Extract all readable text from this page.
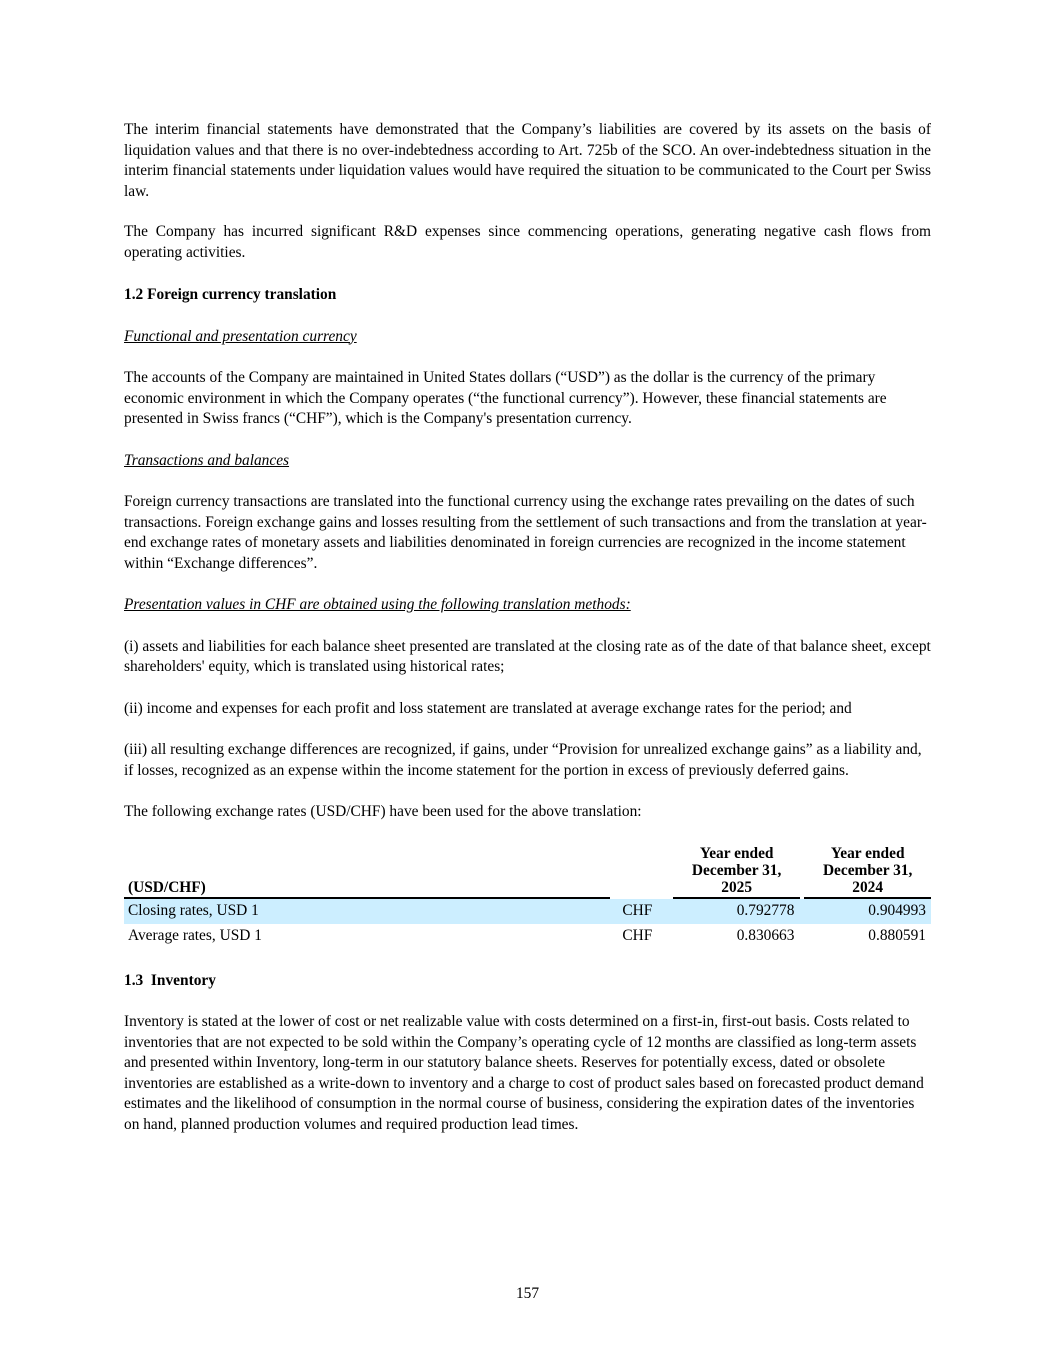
The interim financial statements have demonstrated that the Company’s liabilities are covered by its assets on the basis of liquidation values and that there is no over-indebtedness according to Art. 725b of the SCO. An over-indebtedness situation in the interim financial statements under liquidation values would have required the situation to be communicated to the Court per Swiss law.

The Company has incurred significant R&D expenses since commencing operations, generating negative cash flows from operating activities.

1.2 Foreign currency translation

Functional and presentation currency

The accounts of the Company are maintained in United States dollars (“USD”) as the dollar is the currency of the primary economic environment in which the Company operates (“the functional currency”). However, these financial statements are presented in Swiss francs (“CHF”), which is the Company's presentation currency.

Transactions and balances

Foreign currency transactions are translated into the functional currency using the exchange rates prevailing on the dates of such transactions. Foreign exchange gains and losses resulting from the settlement of such transactions and from the translation at year-end exchange rates of monetary assets and liabilities denominated in foreign currencies are recognized in the income statement within “Exchange differences”.

Presentation values in CHF are obtained using the following translation methods:

(i) assets and liabilities for each balance sheet presented are translated at the closing rate as of the date of that balance sheet, except shareholders' equity, which is translated using historical rates;

(ii) income and expenses for each profit and loss statement are translated at average exchange rates for the period; and

(iii) all resulting exchange differences are recognized, if gains, under “Provision for unrealized exchange gains” as a liability and, if losses, recognized as an expense within the income statement for the portion in excess of previously deferred gains.

The following exchange rates (USD/CHF) have been used for the above translation:

(USD/CHF)			Year ended
December 31,
2025		Year ended
December 31,
2024
Closing rates, USD 1	CHF		0.792778		0.904993
Average rates, USD 1	CHF		0.830663		0.880591
1.3  Inventory

Inventory is stated at the lower of cost or net realizable value with costs determined on a first-in, first-out basis. Costs related to inventories that are not expected to be sold within the Company’s operating cycle of 12 months are classified as long-term assets and presented within Inventory, long-term in our statutory balance sheets. Reserves for potentially excess, dated or obsolete inventories are established as a write-down to inventory and a charge to cost of product sales based on forecasted product demand estimates and the likelihood of consumption in the normal course of business, considering the expiration dates of the inventories on hand, planned production volumes and required production lead times.

157
